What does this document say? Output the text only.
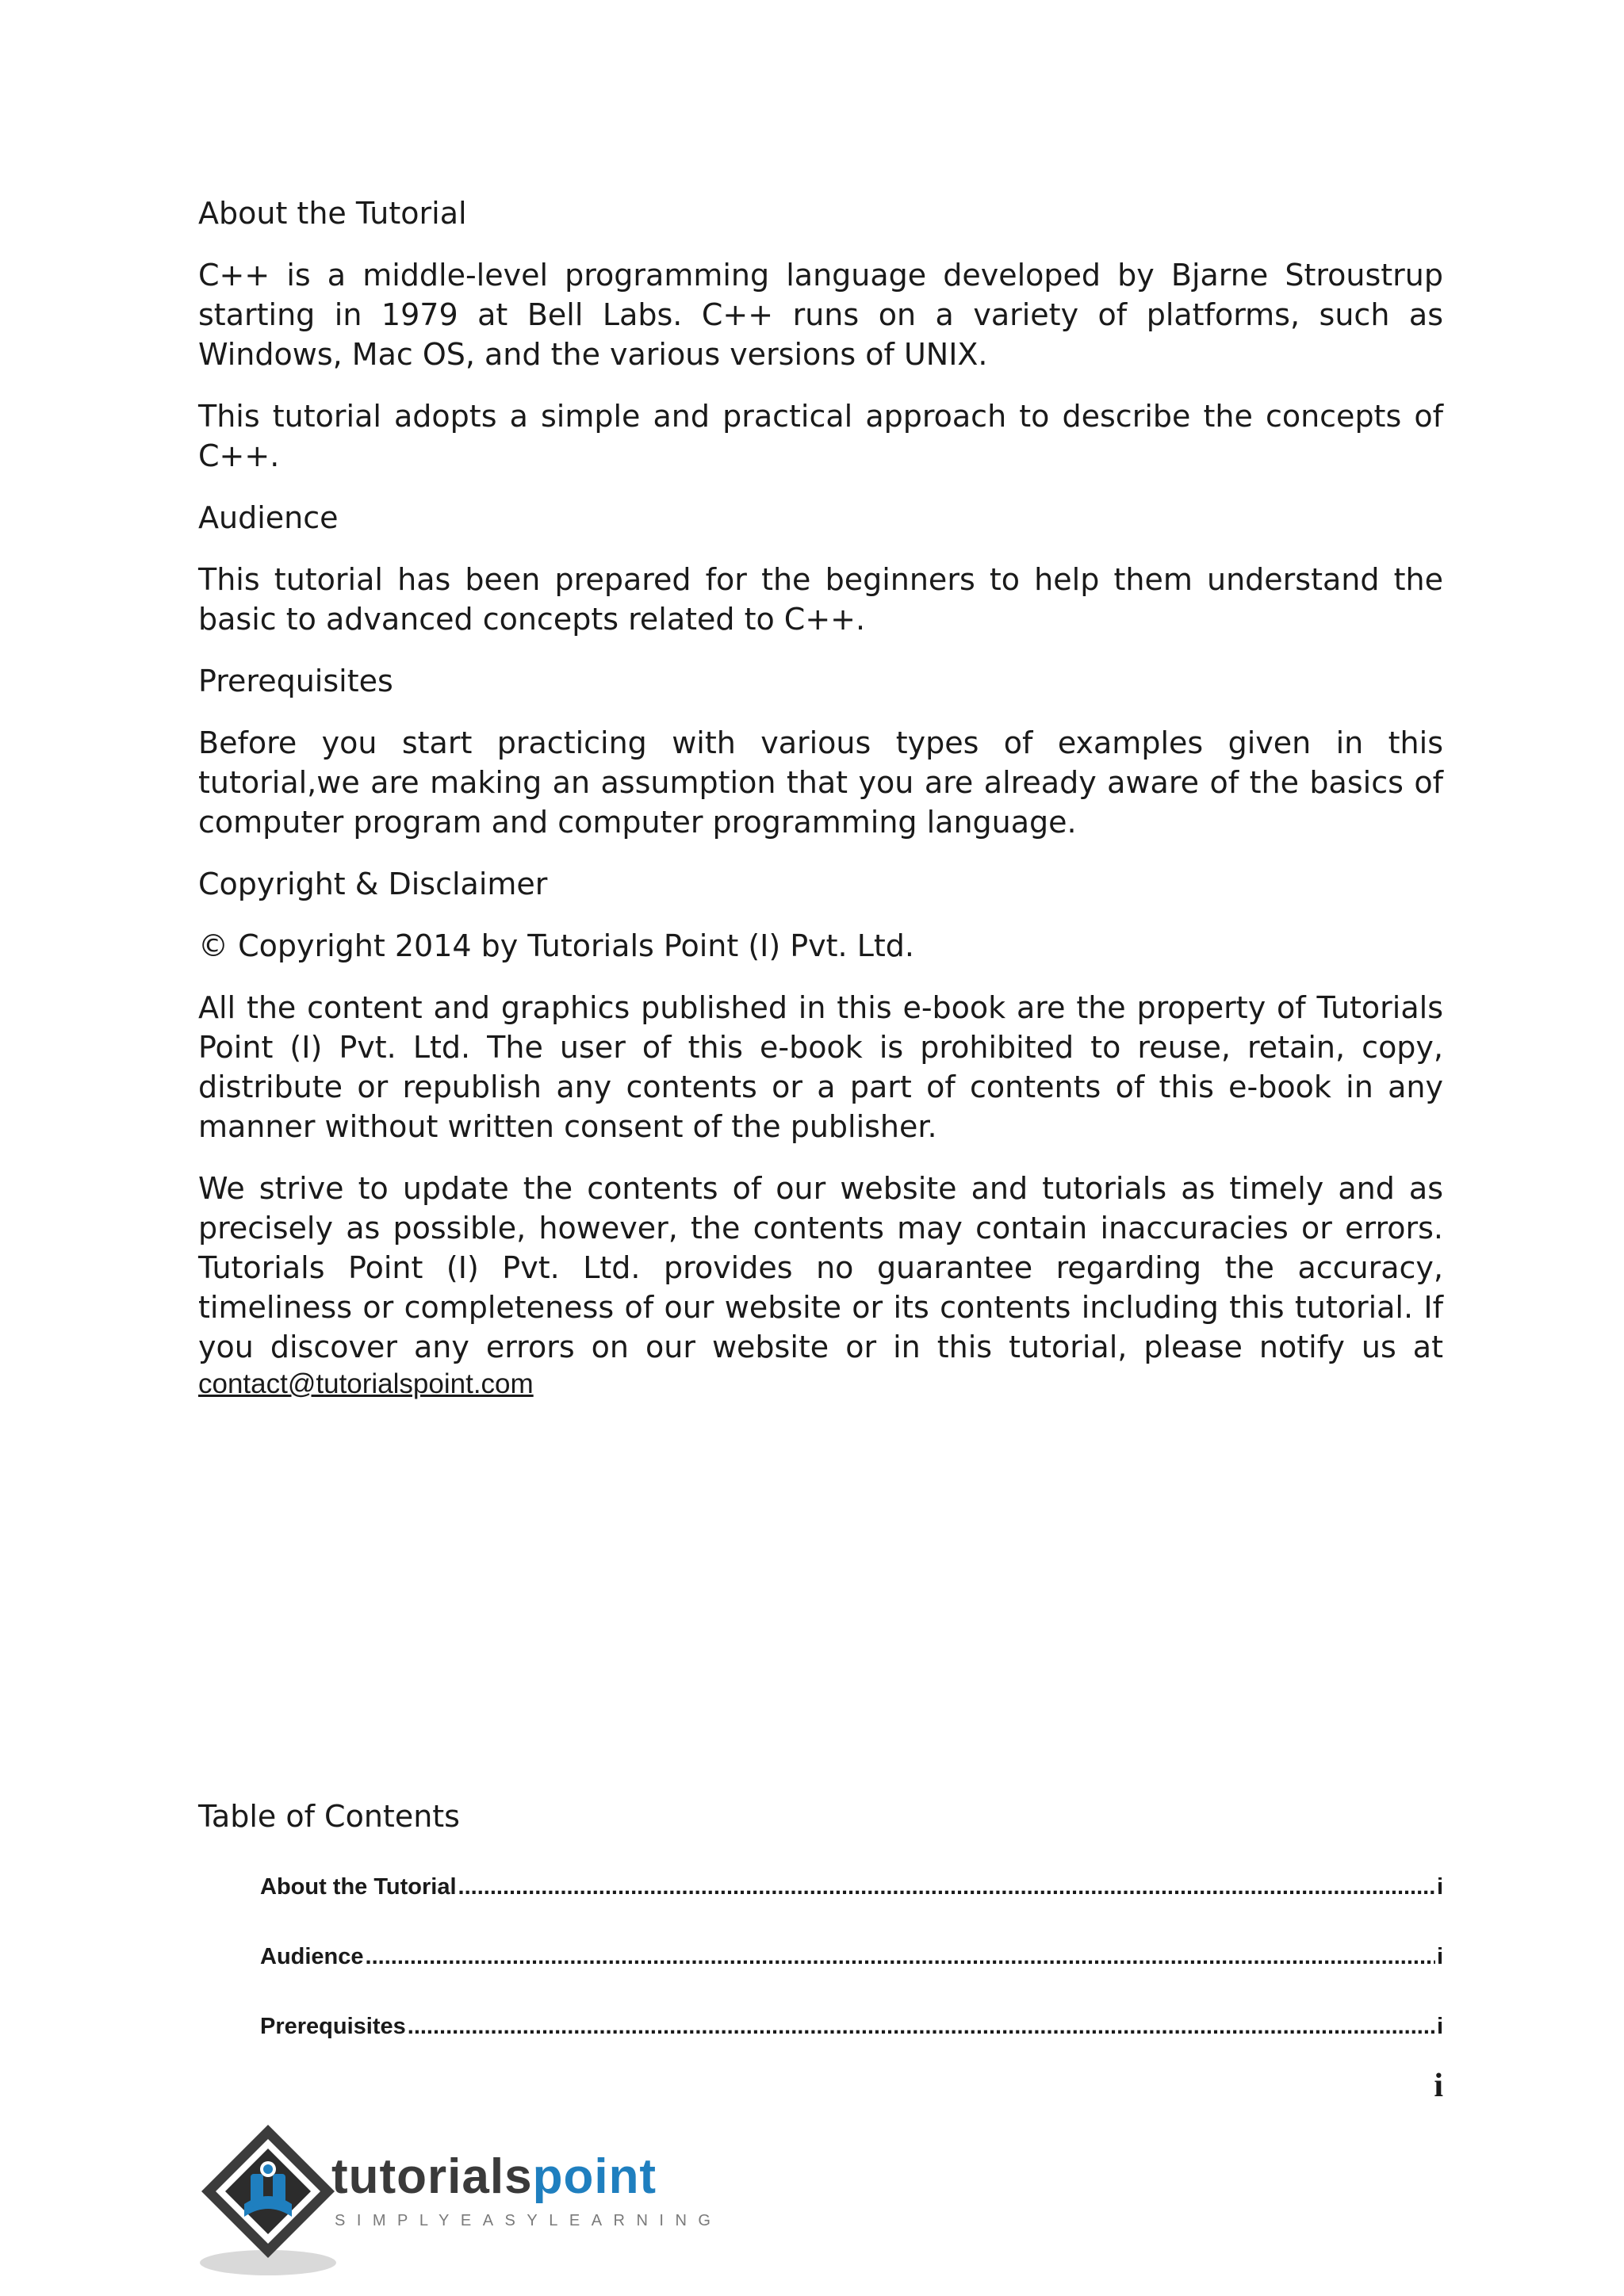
About the Tutorial

C++ is a middle-level programming language developed by Bjarne Stroustrup starting in 1979 at Bell Labs. C++ runs on a variety of platforms, such as Windows, Mac OS, and the various versions of UNIX.

This tutorial adopts a simple and practical approach to describe the concepts of C++.

Audience

This tutorial has been prepared for the beginners to help them understand the basic to advanced concepts related to C++.

Prerequisites

Before you start practicing with various types of examples given in this tutorial,we are making an assumption that you are already aware of the basics of computer program and computer programming language.

Copyright & Disclaimer

© Copyright 2014 by Tutorials Point (I) Pvt. Ltd.

All the content and graphics published in this e-book are the property of Tutorials Point (I) Pvt. Ltd. The user of this e-book is prohibited to reuse, retain, copy, distribute or republish any contents or a part of contents of this e-book in any manner without written consent of the publisher.

We strive to update the contents of our website and tutorials as timely and as precisely as possible, however, the contents may contain inaccuracies or errors. Tutorials Point (I) Pvt. Ltd. provides no guarantee regarding the accuracy, timeliness or completeness of our website or its contents including this tutorial. If you discover any errors on our website or in this tutorial, please notify us at

contact@tutorialspoint.com
Table of Contents
About the Tutorial .....	i
Audience .....	i
Prerequisites .....	i
i
tutorialspoint
SIMPLYEASYLEARNING
